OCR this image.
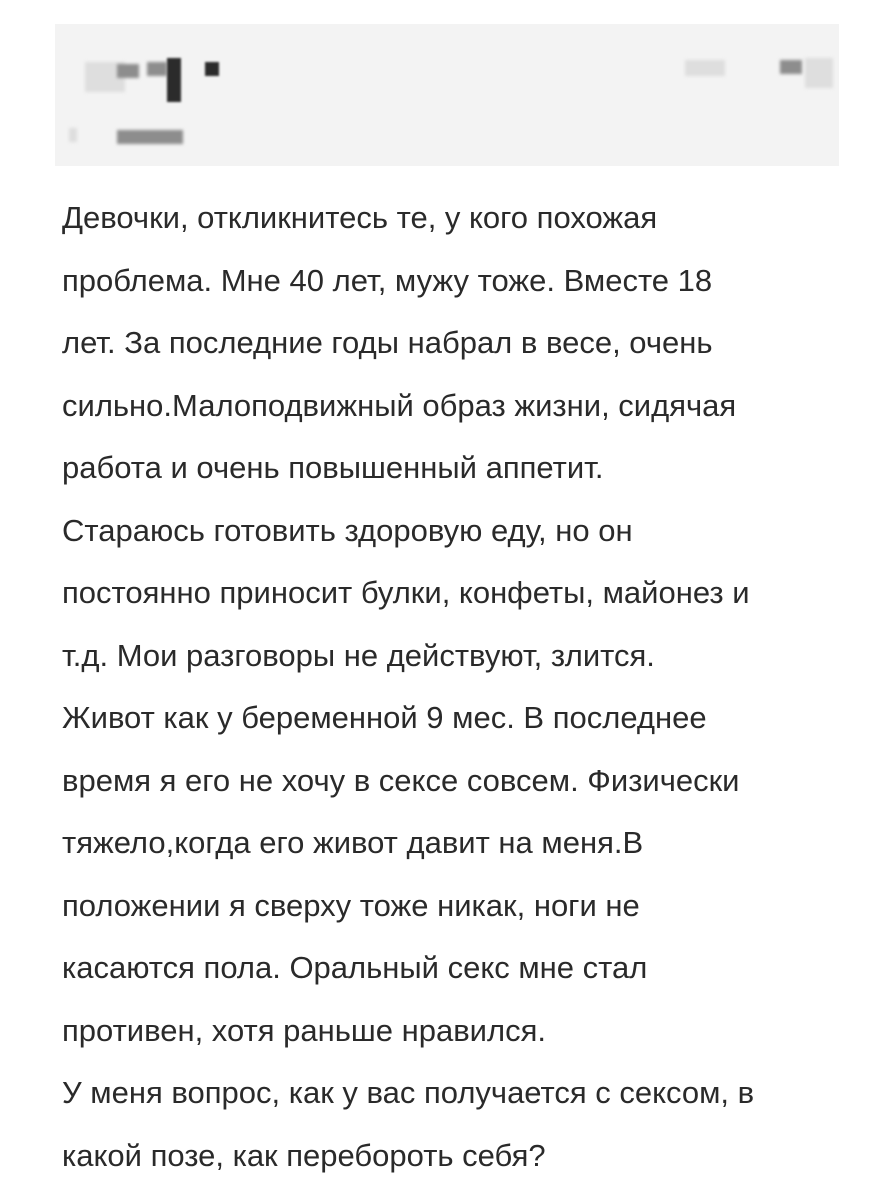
Девочки, откликнитесь те, у кого похожая
проблема. Мне 40 лет, мужу тоже. Вместе 18
лет. За последние годы набрал в весе, очень
сильно.Малоподвижный образ жизни, сидячая
работа и очень повышенный аппетит.
Стараюсь готовить здоровую еду, но он
постоянно приносит булки, конфеты, майонез и
т.д. Мои разговоры не действуют, злится.
Живот как у беременной 9 мес. В последнее
время я его не хочу в сексе совсем. Физически
тяжело,когда его живот давит на меня.В
положении я сверху тоже никак, ноги не
касаются пола. Оральный секс мне стал
противен, хотя раньше нравился.
У меня вопрос, как у вас получается с сексом, в
какой позе, как перебороть себя?
